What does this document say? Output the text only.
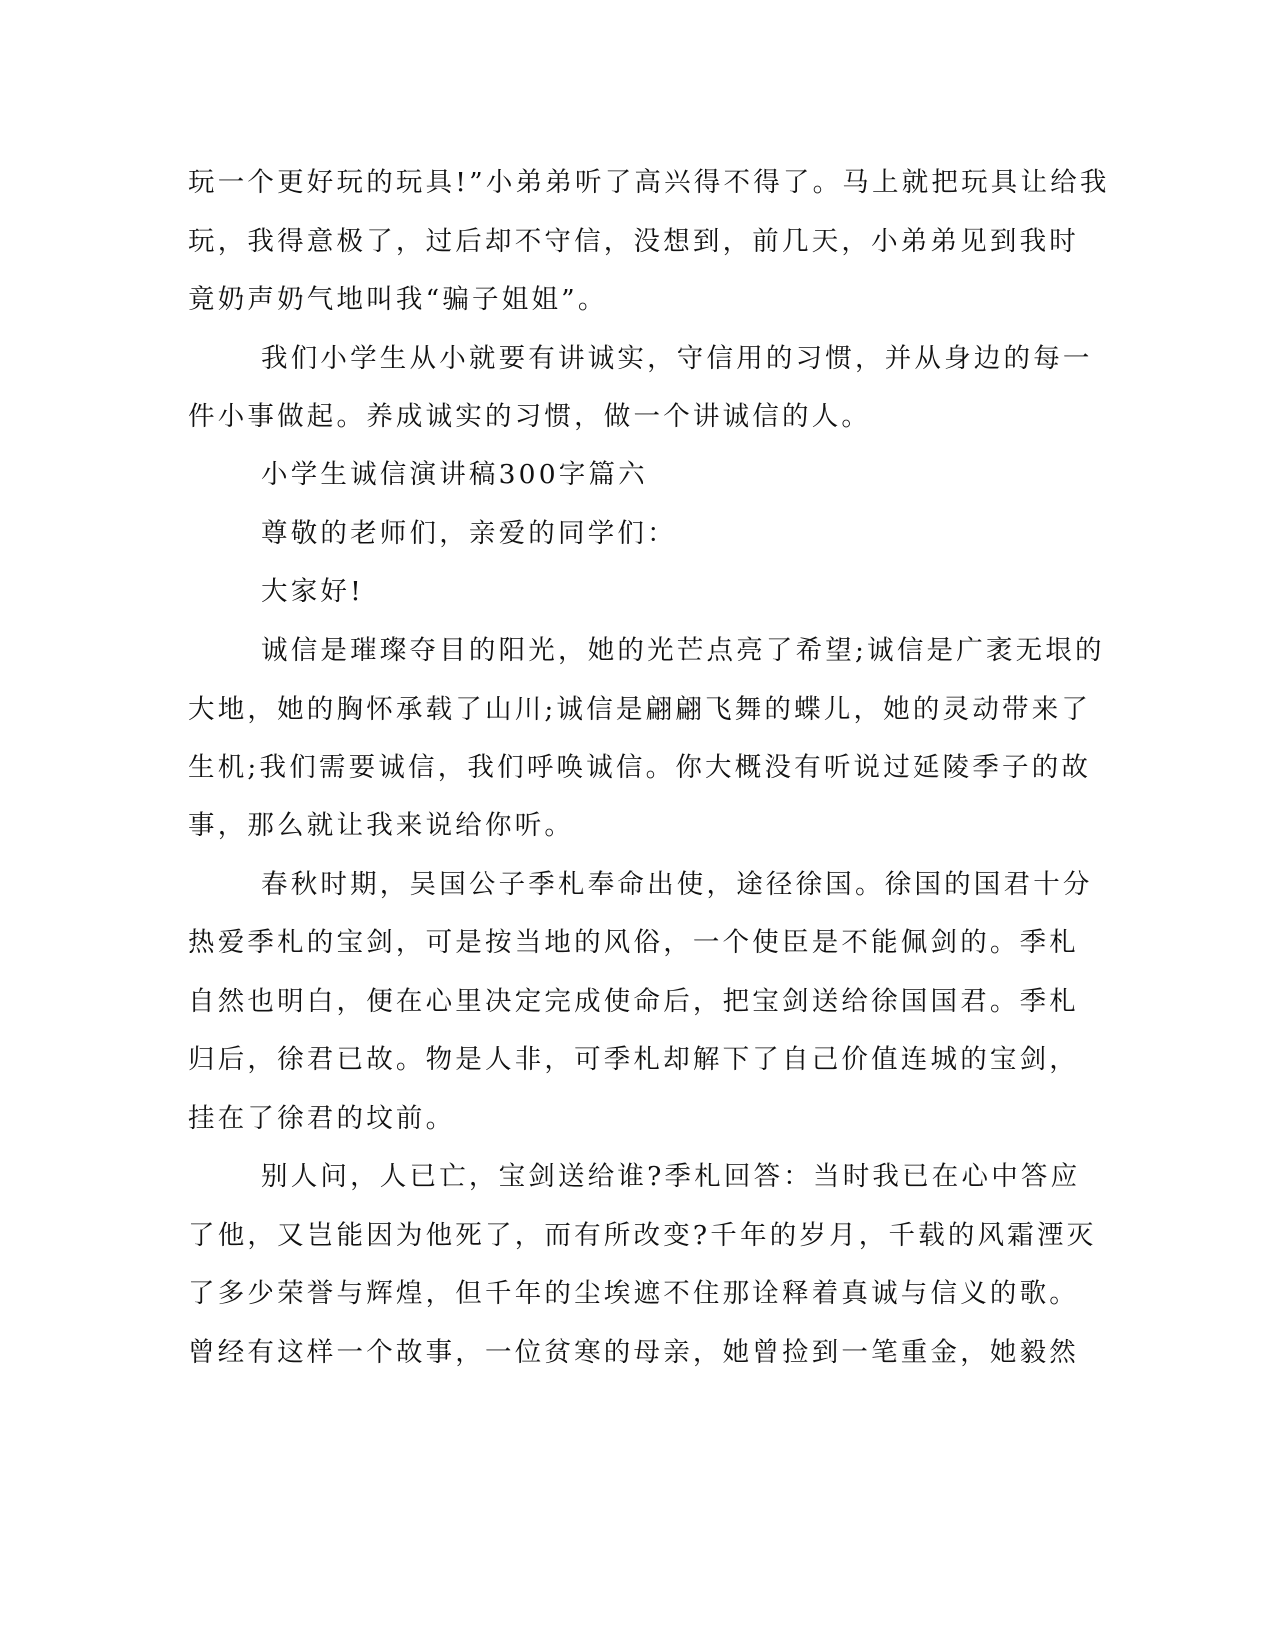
玩一个更好玩的玩具!”小弟弟听了高兴得不得了。马上就把玩具让给我

玩，我得意极了，过后却不守信，没想到，前几天，小弟弟见到我时

竟奶声奶气地叫我“骗子姐姐”。

我们小学生从小就要有讲诚实，守信用的习惯，并从身边的每一

件小事做起。养成诚实的习惯，做一个讲诚信的人。

小学生诚信演讲稿300字篇六

尊敬的老师们，亲爱的同学们：

大家好!

诚信是璀璨夺目的阳光，她的光芒点亮了希望;诚信是广袤无垠的

大地，她的胸怀承载了山川;诚信是翩翩飞舞的蝶儿，她的灵动带来了

生机;我们需要诚信，我们呼唤诚信。你大概没有听说过延陵季子的故

事，那么就让我来说给你听。

春秋时期，吴国公子季札奉命出使，途径徐国。徐国的国君十分

热爱季札的宝剑，可是按当地的风俗，一个使臣是不能佩剑的。季札

自然也明白，便在心里决定完成使命后，把宝剑送给徐国国君。季札

归后，徐君已故。物是人非，可季札却解下了自己价值连城的宝剑，

挂在了徐君的坟前。

别人问，人已亡，宝剑送给谁?季札回答：当时我已在心中答应

了他，又岂能因为他死了，而有所改变?千年的岁月，千载的风霜湮灭

了多少荣誉与辉煌，但千年的尘埃遮不住那诠释着真诚与信义的歌。

曾经有这样一个故事，一位贫寒的母亲，她曾捡到一笔重金，她毅然
